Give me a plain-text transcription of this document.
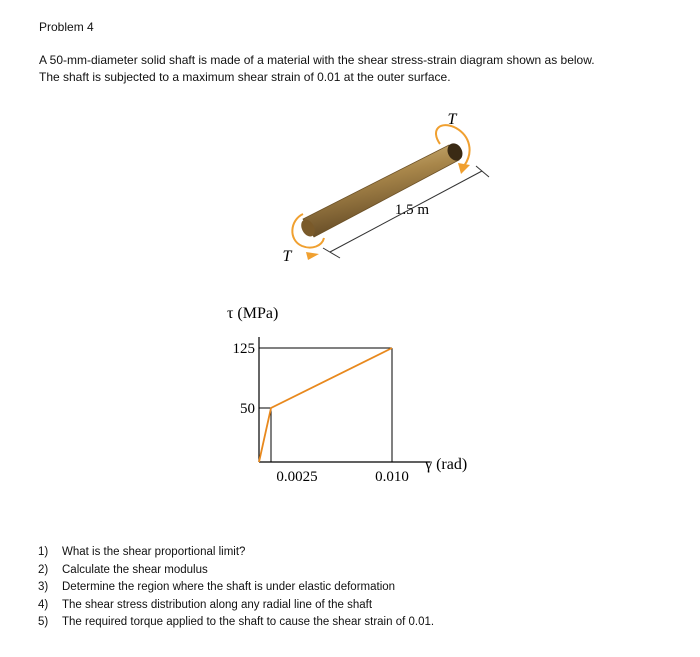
Problem 4
A 50-mm-diameter solid shaft is made of a material with the shear stress-strain diagram shown as below.
The shaft is subjected to a maximum shear strain of 0.01 at the outer surface.
T
T
1.5 m
τ (MPa)
γ (rad)
125
50
0.0025	0.010
1)	What is the shear proportional limit?
2)	Calculate the shear modulus
3)	Determine the region where the shaft is under elastic deformation
4)	The shear stress distribution along any radial line of the shaft
5)	The required torque applied to the shaft to cause the shear strain of 0.01.
